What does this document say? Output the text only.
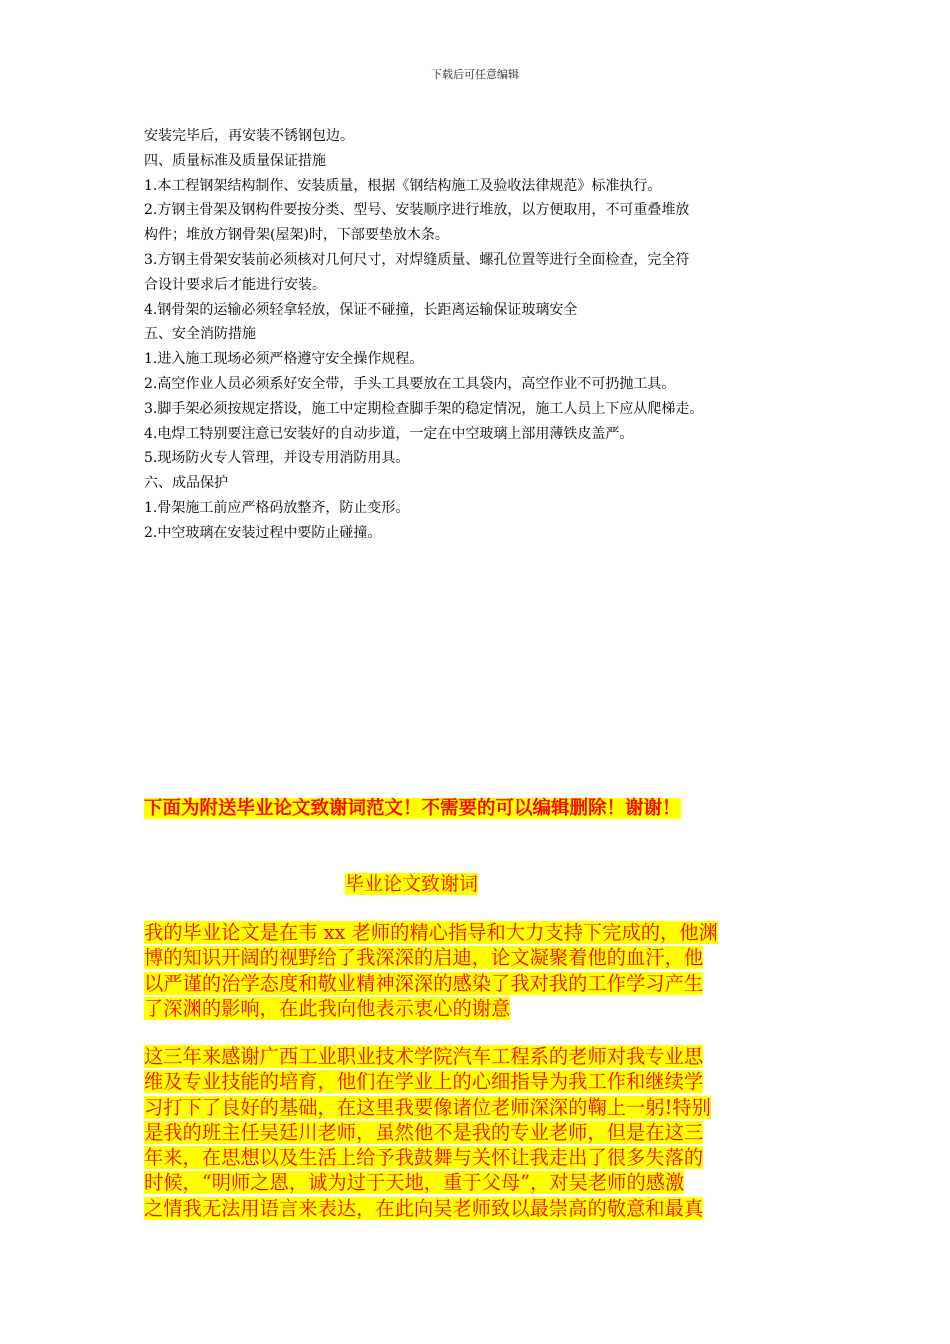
下载后可任意编辑
安装完毕后，再安装不锈钢包边。
四、质量标准及质量保证措施
1.本工程钢架结构制作、安装质量，根据《钢结构施工及验收法律规范》标准执行。
2.方钢主骨架及钢构件要按分类、型号、安装顺序进行堆放，以方便取用，不可重叠堆放
构件；堆放方钢骨架(屋架)时，下部要垫放木条。
3.方钢主骨架安装前必须核对几何尺寸，对焊缝质量、螺孔位置等进行全面检查，完全符
合设计要求后才能进行安装。
4.钢骨架的运输必须轻拿轻放，保证不碰撞，长距离运输保证玻璃安全
五、安全消防措施
1.进入施工现场必须严格遵守安全操作规程。
2.高空作业人员必须系好安全带，手头工具要放在工具袋内，高空作业不可扔抛工具。
3.脚手架必须按规定搭设，施工中定期检查脚手架的稳定情况，施工人员上下应从爬梯走。
4.电焊工特别要注意已安装好的自动步道，一定在中空玻璃上部用薄铁皮盖严。
5.现场防火专人管理，并设专用消防用具。
六、成品保护
1.骨架施工前应严格码放整齐，防止变形。
2.中空玻璃在安装过程中要防止碰撞。
下面为附送毕业论文致谢词范文！不需要的可以编辑删除！谢谢！
毕业论文致谢词
我的毕业论文是在韦 xx 老师的精心指导和大力支持下完成的，他渊
博的知识开阔的视野给了我深深的启迪，论文凝聚着他的血汗，他
以严谨的治学态度和敬业精神深深的感染了我对我的工作学习产生
了深渊的影响，在此我向他表示衷心的谢意
这三年来感谢广西工业职业技术学院汽车工程系的老师对我专业思
维及专业技能的培育，他们在学业上的心细指导为我工作和继续学
习打下了良好的基础，在这里我要像诸位老师深深的鞠上一躬!特别
是我的班主任吴廷川老师，虽然他不是我的专业老师，但是在这三
年来，在思想以及生活上给予我鼓舞与关怀让我走出了很多失落的
时候，“明师之恩，诚为过于天地，重于父母”，对吴老师的感激
之情我无法用语言来表达，在此向吴老师致以最崇高的敬意和最真
